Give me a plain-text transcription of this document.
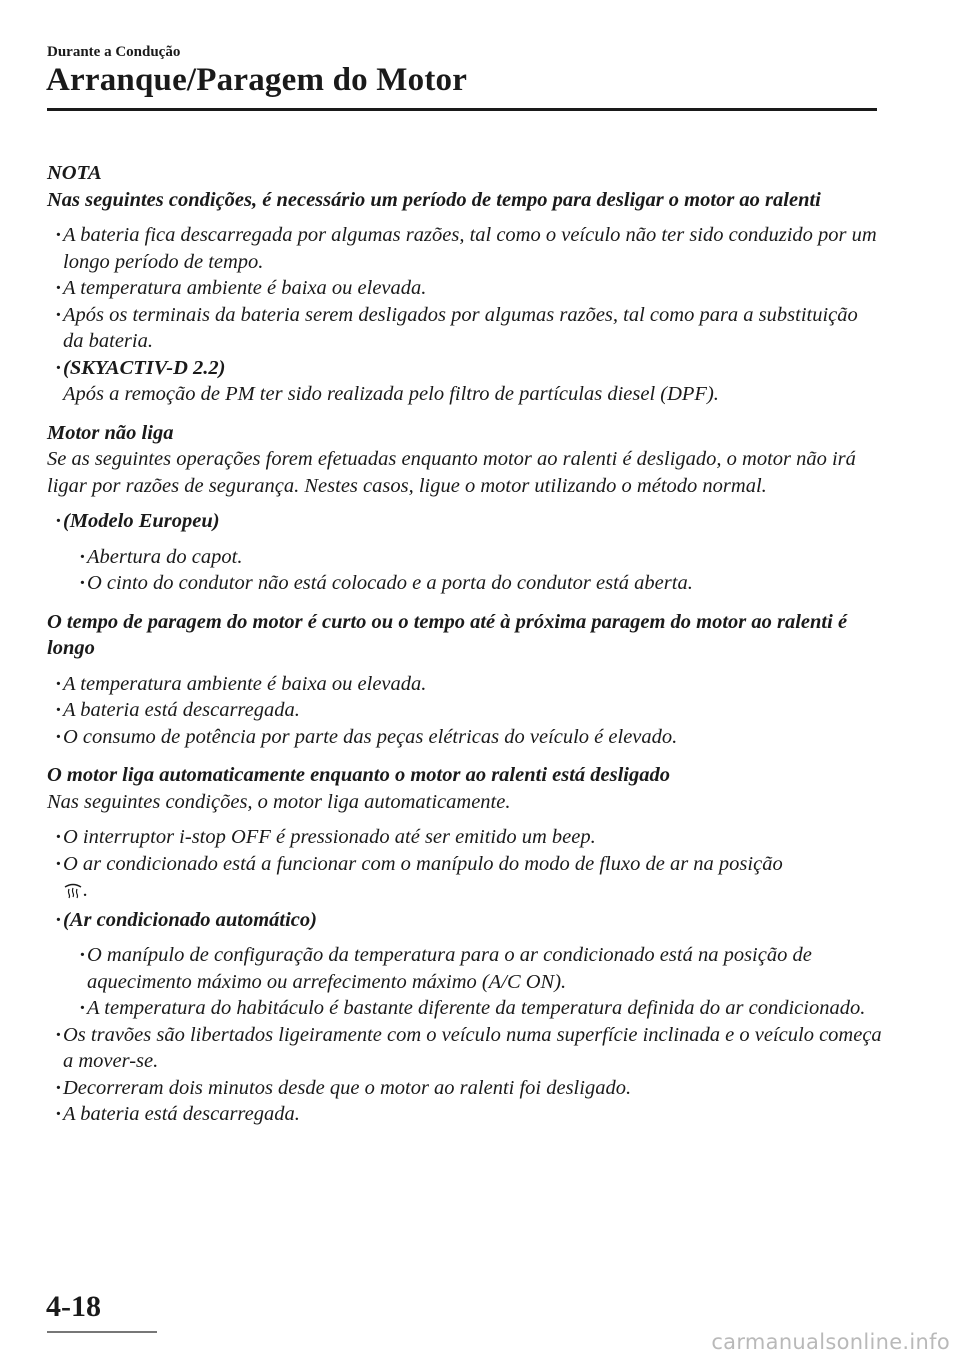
Durante a Condução
Arranque/Paragem do Motor

NOTA

Nas seguintes condições, é necessário um período de tempo para desligar o motor ao ralenti

· A bateria fica descarregada por algumas razões, tal como o veículo não ter sido conduzido por um longo período de tempo.
· A temperatura ambiente é baixa ou elevada.
· Após os terminais da bateria serem desligados por algumas razões, tal como para a substituição da bateria.
· (SKYACTIV-D 2.2)
Após a remoção de PM ter sido realizada pelo filtro de partículas diesel (DPF).

Motor não liga

Se as seguintes operações forem efetuadas enquanto motor ao ralenti é desligado, o motor não irá ligar por razões de segurança. Nestes casos, ligue o motor utilizando o método normal.

· (Modelo Europeu)
· Abertura do capot.
· O cinto do condutor não está colocado e a porta do condutor está aberta.

O tempo de paragem do motor é curto ou o tempo até à próxima paragem do motor ao ralenti é longo

· A temperatura ambiente é baixa ou elevada.
· A bateria está descarregada.
· O consumo de potência por parte das peças elétricas do veículo é elevado.

O motor liga automaticamente enquanto o motor ao ralenti está desligado

Nas seguintes condições, o motor liga automaticamente.

· O interruptor i-stop OFF é pressionado até ser emitido um beep.
· O ar condicionado está a funcionar com o manípulo do modo de fluxo de ar na posição
.
· (Ar condicionado automático)
· O manípulo de configuração da temperatura para o ar condicionado está na posição de aquecimento máximo ou arrefecimento máximo (A/C ON).
· A temperatura do habitáculo é bastante diferente da temperatura definida do ar condicionado.
· Os travões são libertados ligeiramente com o veículo numa superfície inclinada e o veículo começa a mover-se.
· Decorreram dois minutos desde que o motor ao ralenti foi desligado.
· A bateria está descarregada.
4-18
carmanualsonline.info
